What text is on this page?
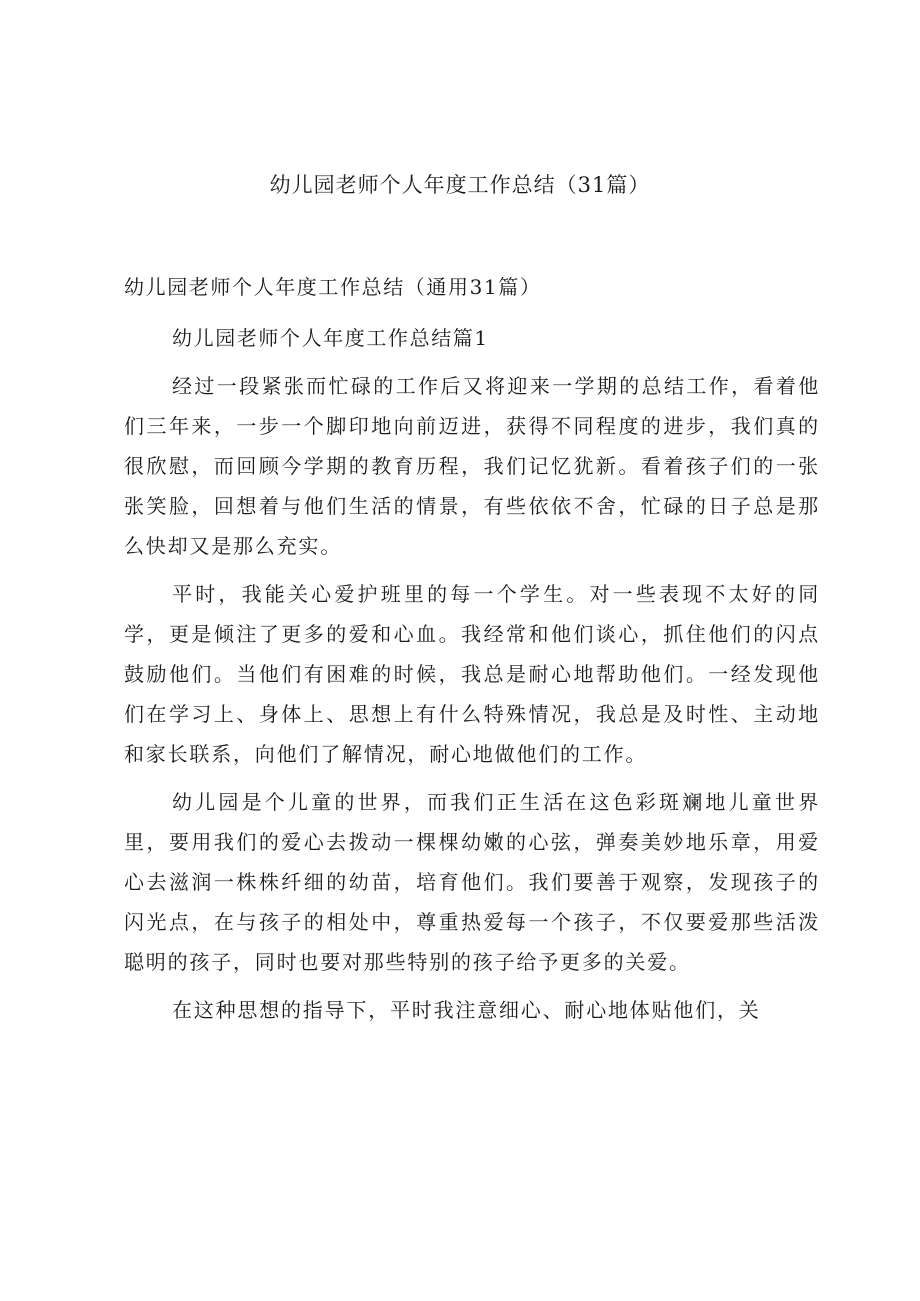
幼儿园老师个人年度工作总结（31篇）

幼儿园老师个人年度工作总结（通用31篇）

幼儿园老师个人年度工作总结篇1

经过一段紧张而忙碌的工作后又将迎来一学期的总结工作，看着他们三年来，一步一个脚印地向前迈进，获得不同程度的进步，我们真的很欣慰，而回顾今学期的教育历程，我们记忆犹新。看着孩子们的一张张笑脸，回想着与他们生活的情景，有些依依不舍，忙碌的日子总是那么快却又是那么充实。

平时，我能关心爱护班里的每一个学生。对一些表现不太好的同学，更是倾注了更多的爱和心血。我经常和他们谈心，抓住他们的闪点鼓励他们。当他们有困难的时候，我总是耐心地帮助他们。一经发现他们在学习上、身体上、思想上有什么特殊情况，我总是及时性、主动地和家长联系，向他们了解情况，耐心地做他们的工作。

幼儿园是个儿童的世界，而我们正生活在这色彩斑斓地儿童世界里，要用我们的爱心去拨动一棵棵幼嫩的心弦，弹奏美妙地乐章，用爱心去滋润一株株纤细的幼苗，培育他们。我们要善于观察，发现孩子的闪光点，在与孩子的相处中，尊重热爱每一个孩子，不仅要爱那些活泼聪明的孩子，同时也要对那些特别的孩子给予更多的关爱。

在这种思想的指导下，平时我注意细心、耐心地体贴他们，关
